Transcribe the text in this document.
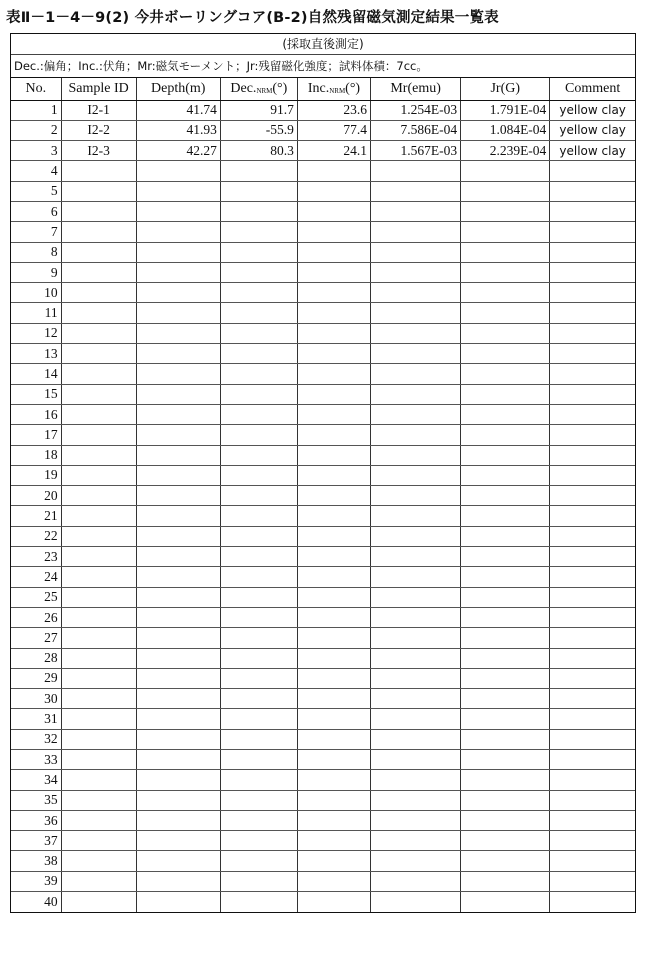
表Ⅱ－1－4－9(2) 今井ボーリングコア(B-2)自然残留磁気測定結果一覧表
(採取直後測定)
Dec.:偏角；Inc.:伏角；Mr:磁気モーメント；Jr:残留磁化強度；試料体積：7cc。
No.	Sample ID	Depth(m)	Dec.NRM(°)	Inc.NRM(°)	Mr(emu)	Jr(G)	Comment
1	I2-1	41.74	91.7	23.6	1.254E-03	1.791E-04	yellow clay
2	I2-2	41.93	-55.9	77.4	7.586E-04	1.084E-04	yellow clay
3	I2-3	42.27	80.3	24.1	1.567E-03	2.239E-04	yellow clay
4							
5							
6							
7							
8							
9							
10							
11							
12							
13							
14							
15							
16							
17							
18							
19							
20							
21							
22							
23							
24							
25							
26							
27							
28							
29							
30							
31							
32							
33							
34							
35							
36							
37							
38							
39							
40							
